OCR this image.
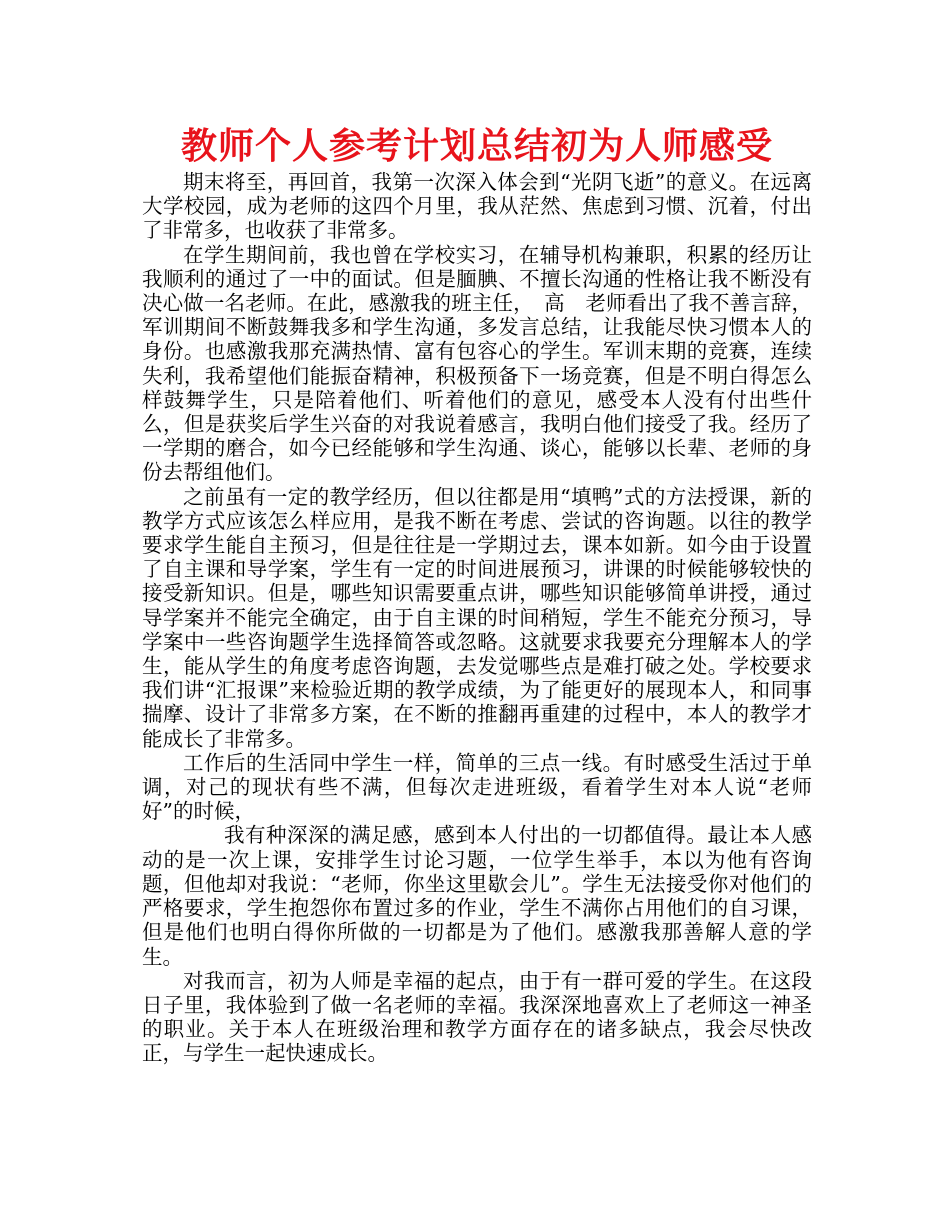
教师个人参考计划总结初为人师感受

期末将至，再回首，我第一次深入体会到“光阴飞逝”的意义。在远离大学校园，成为老师的这四个月里，我从茫然、焦虑到习惯、沉着，付出了非常多，也收获了非常多。

在学生期间前，我也曾在学校实习，在辅导机构兼职，积累的经历让我顺利的通过了一中的面试。但是腼腆、不擅长沟通的性格让我不断没有决心做一名老师。在此，感激我的班主任，　高　老师看出了我不善言辞，军训期间不断鼓舞我多和学生沟通，多发言总结，让我能尽快习惯本人的身份。也感激我那充满热情、富有包容心的学生。军训末期的竞赛，连续失利，我希望他们能振奋精神，积极预备下一场竞赛，但是不明白得怎么样鼓舞学生，只是陪着他们、听着他们的意见，感受本人没有付出些什么，但是获奖后学生兴奋的对我说着感言，我明白他们接受了我。经历了一学期的磨合，如今已经能够和学生沟通、谈心，能够以长辈、老师的身份去帮组他们。

之前虽有一定的教学经历，但以往都是用“填鸭”式的方法授课，新的教学方式应该怎么样应用，是我不断在考虑、尝试的咨询题。以往的教学要求学生能自主预习，但是往往是一学期过去，课本如新。如今由于设置了自主课和导学案，学生有一定的时间进展预习，讲课的时候能够较快的接受新知识。但是，哪些知识需要重点讲，哪些知识能够简单讲授，通过导学案并不能完全确定，由于自主课的时间稍短，学生不能充分预习，导学案中一些咨询题学生选择简答或忽略。这就要求我要充分理解本人的学生，能从学生的角度考虑咨询题，去发觉哪些点是难打破之处。学校要求我们讲“汇报课”来检验近期的教学成绩，为了能更好的展现本人，和同事揣摩、设计了非常多方案，在不断的推翻再重建的过程中，本人的教学才能成长了非常多。

工作后的生活同中学生一样，简单的三点一线。有时感受生活过于单调，对己的现状有些不满，但每次走进班级，看着学生对本人说“老师好”的时候，

我有种深深的满足感，感到本人付出的一切都值得。最让本人感动的是一次上课，安排学生讨论习题，一位学生举手，本以为他有咨询题，但他却对我说：“老师，你坐这里歇会儿”。学生无法接受你对他们的严格要求，学生抱怨你布置过多的作业，学生不满你占用他们的自习课，但是他们也明白得你所做的一切都是为了他们。感激我那善解人意的学生。

对我而言，初为人师是幸福的起点，由于有一群可爱的学生。在这段日子里，我体验到了做一名老师的幸福。我深深地喜欢上了老师这一神圣的职业。关于本人在班级治理和教学方面存在的诸多缺点，我会尽快改正，与学生一起快速成长。
